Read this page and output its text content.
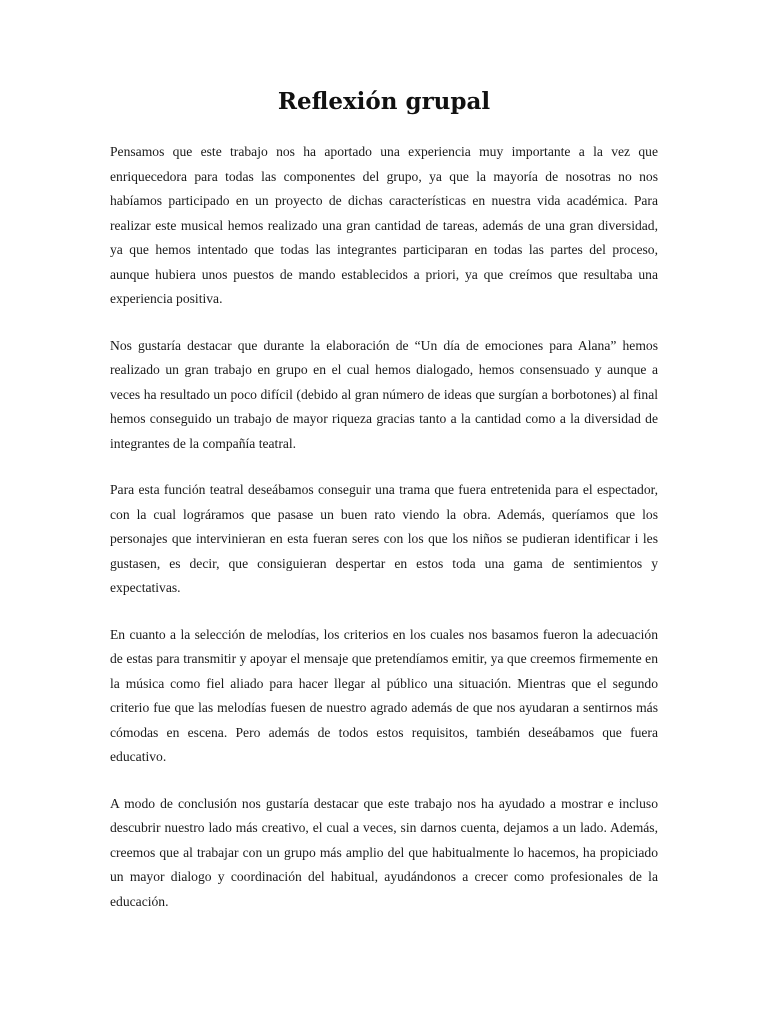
Reflexión grupal

Pensamos que este trabajo nos ha aportado una experiencia muy importante a la vez que enriquecedora para todas las componentes del grupo, ya que la mayoría de nosotras no nos habíamos participado en un proyecto de dichas características en nuestra vida académica. Para realizar este musical hemos realizado una gran cantidad de tareas, además de una gran diversidad, ya que hemos intentado que todas las integrantes participaran en todas las partes del proceso, aunque hubiera unos puestos de mando establecidos a priori, ya que creímos que resultaba una experiencia positiva.

Nos gustaría destacar que durante la elaboración de “Un día de emociones para Alana” hemos realizado un gran trabajo en grupo en el cual hemos dialogado, hemos consensuado y aunque a veces ha resultado un poco difícil (debido al gran número de ideas que surgían a borbotones) al final hemos conseguido un trabajo de mayor riqueza gracias tanto a la cantidad como a la diversidad de integrantes de la compañía teatral.

Para esta función teatral deseábamos conseguir una trama que fuera entretenida para el espectador, con la cual lográramos que pasase un buen rato viendo la obra. Además, queríamos que los personajes que intervinieran en esta fueran seres con los que los niños se pudieran identificar i les gustasen, es decir, que consiguieran despertar en estos toda una gama de sentimientos y expectativas.

En cuanto a la selección de melodías, los criterios en los cuales nos basamos fueron la adecuación de estas para transmitir y apoyar el mensaje que pretendíamos emitir, ya que creemos firmemente en la música como fiel aliado para hacer llegar al público una situación. Mientras que el segundo criterio fue que las melodías fuesen de nuestro agrado además de que nos ayudaran a sentirnos más cómodas en escena. Pero además de todos estos requisitos, también deseábamos que fuera educativo.

A modo de conclusión nos gustaría destacar que este trabajo nos ha ayudado a mostrar e incluso descubrir nuestro lado más creativo, el cual a veces, sin darnos cuenta, dejamos a un lado. Además, creemos que al trabajar con un grupo más amplio del que habitualmente lo hacemos, ha propiciado un mayor dialogo y coordinación del habitual, ayudándonos a crecer como profesionales de la educación.
